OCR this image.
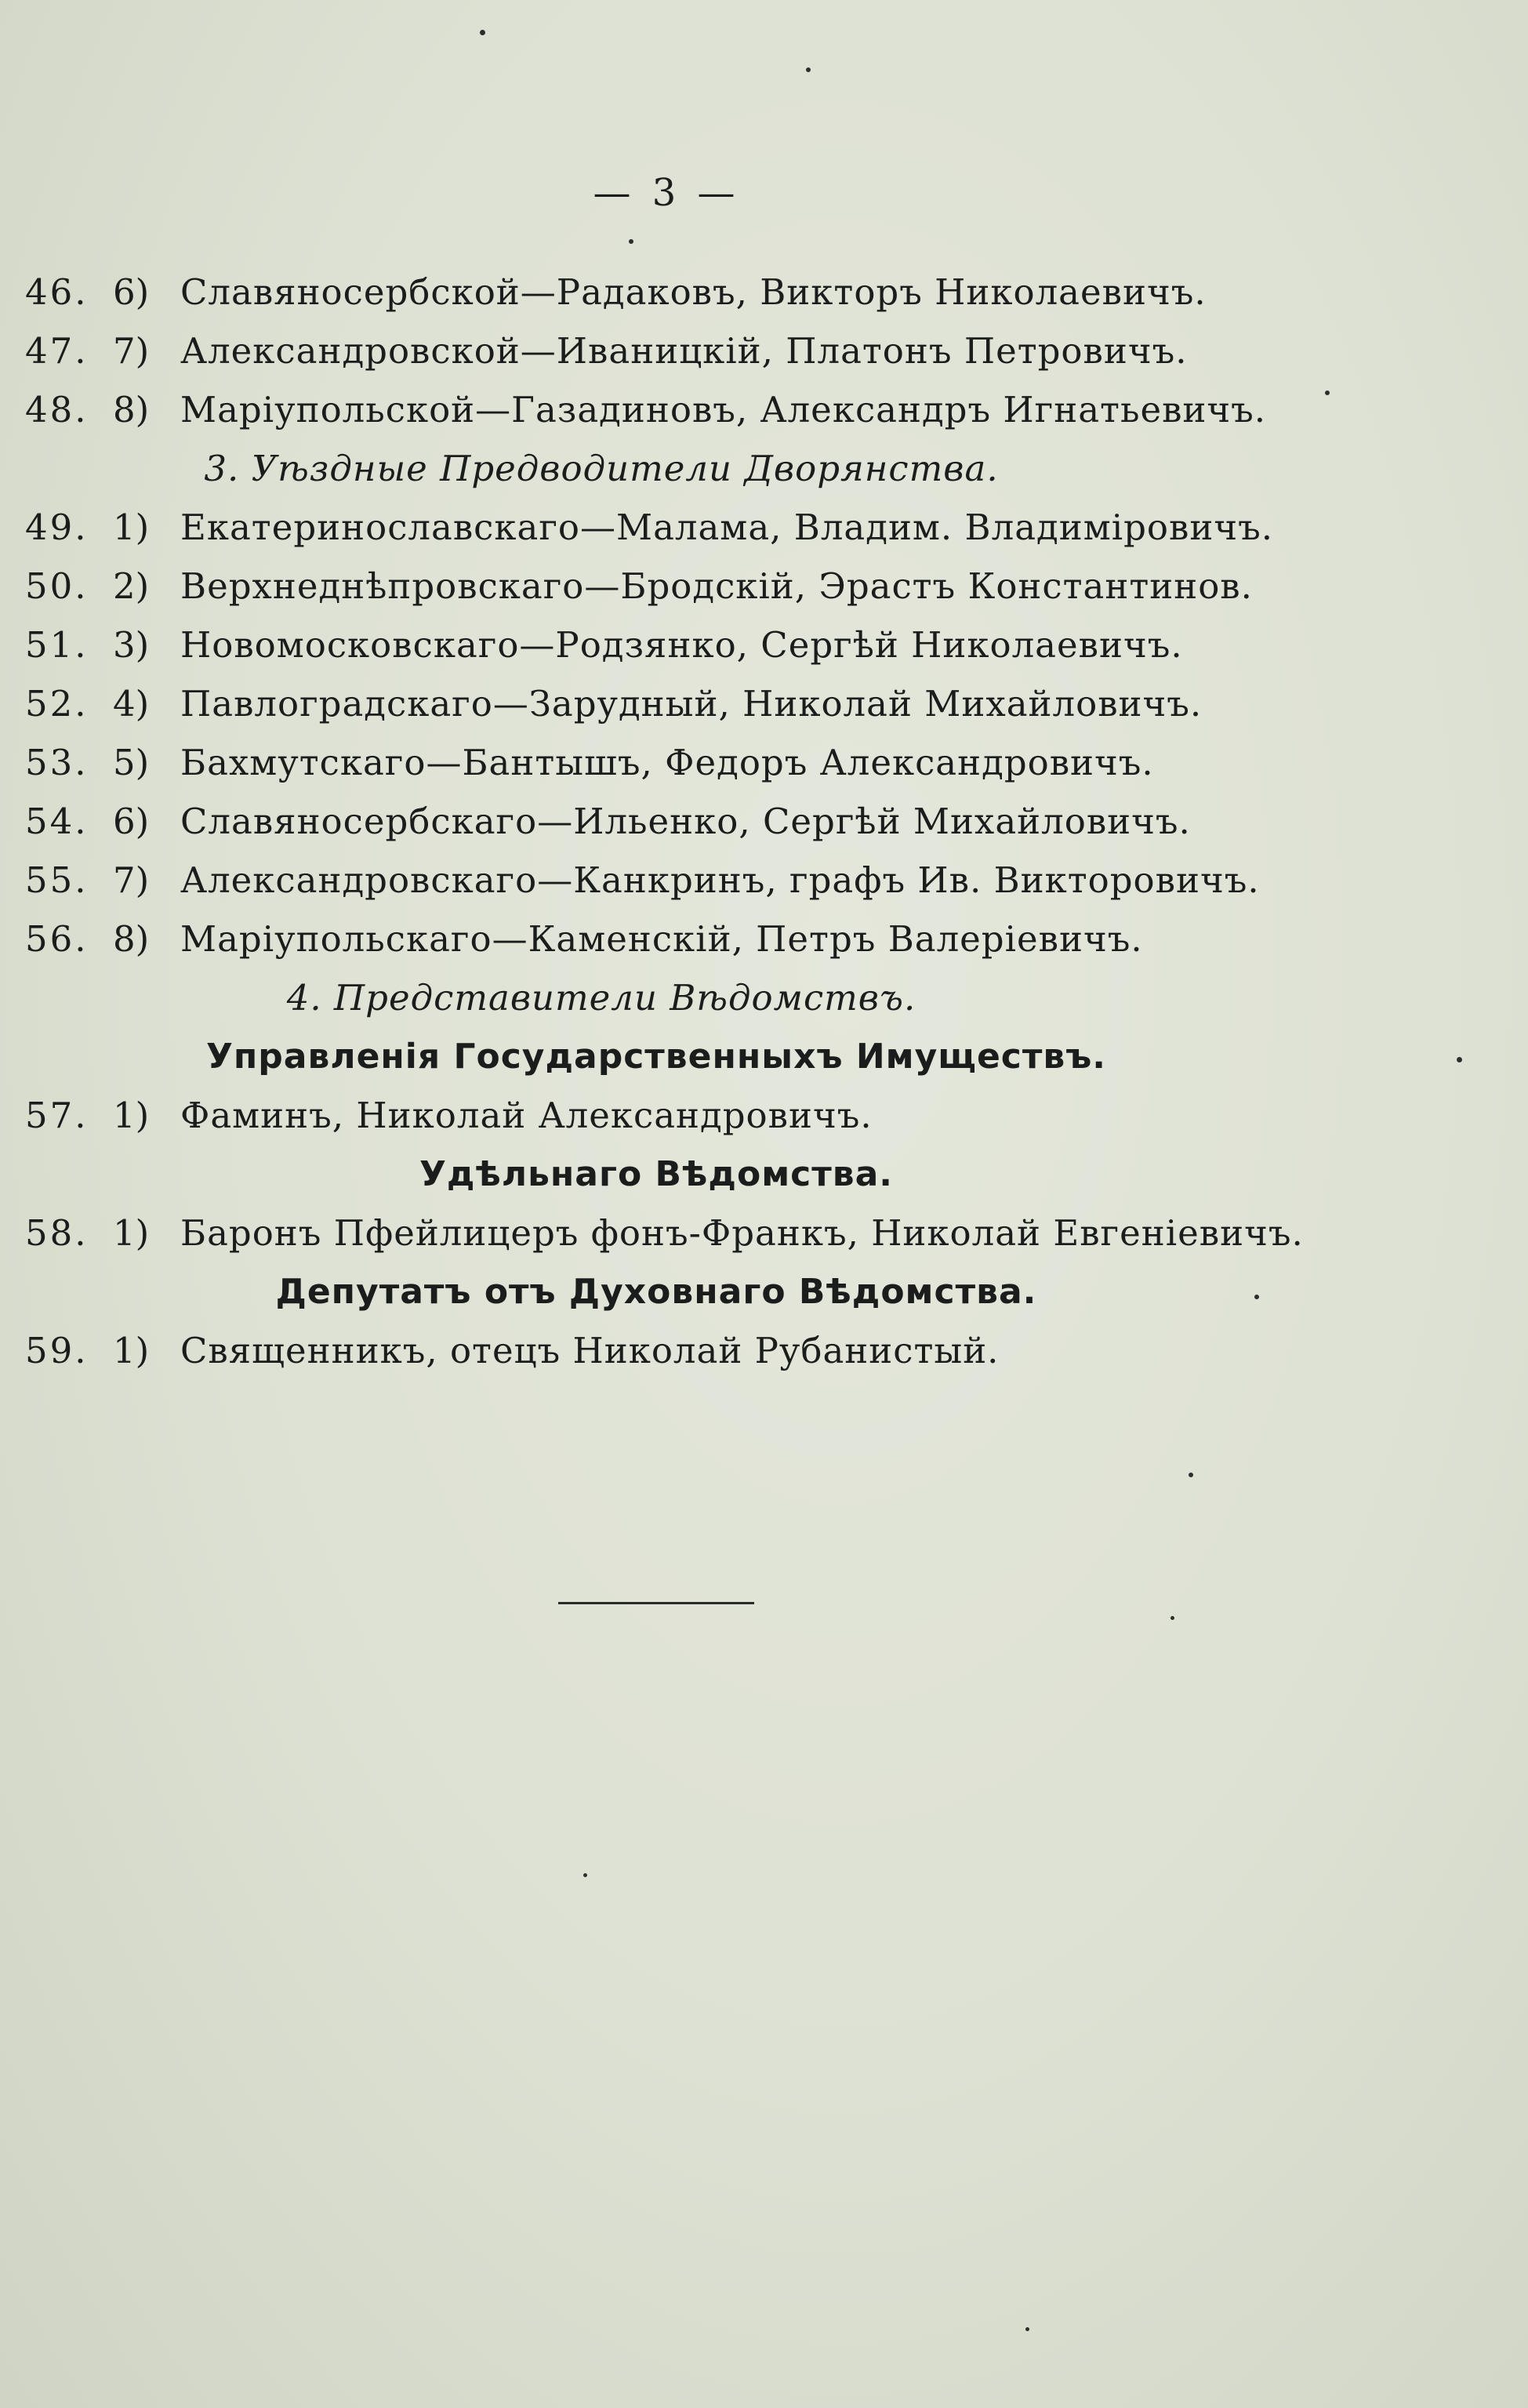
— 3 —
46. 6) Славяносербской—Радаковъ, Викторъ Николаевичъ.
47. 7) Александровской—Иваницкій, Платонъ Петровичъ.
48. 8) Маріупольской—Газадиновъ, Александръ Игнатьевичъ.
3. Уѣздные Предводители Дворянства.
49. 1) Екатеринославскаго—Малама, Владим. Владиміровичъ.
50. 2) Верхнеднѣпровскаго—Бродскій, Эрастъ Константинов.
51. 3) Новомосковскаго—Родзянко, Сергѣй Николаевичъ.
52. 4) Павлоградскаго—Зарудный, Николай Михайловичъ.
53. 5) Бахмутскаго—Бантышъ, Федоръ Александровичъ.
54. 6) Славяносербскаго—Ильенко, Сергѣй Михайловичъ.
55. 7) Александровскаго—Канкринъ, графъ Ив. Викторовичъ.
56. 8) Маріупольскаго—Каменскій, Петръ Валеріевичъ.
4. Представители Вѣдомствъ.
Управленія Государственныхъ Имуществъ.
57. 1) Фаминъ, Николай Александровичъ.
Удѣльнаго Вѣдомства.
58. 1) Баронъ Пфейлицеръ фонъ-Франкъ, Николай Евгеніевичъ.
Депутатъ отъ Духовнаго Вѣдомства.
59. 1) Священникъ, отецъ Николай Рубанистый.
